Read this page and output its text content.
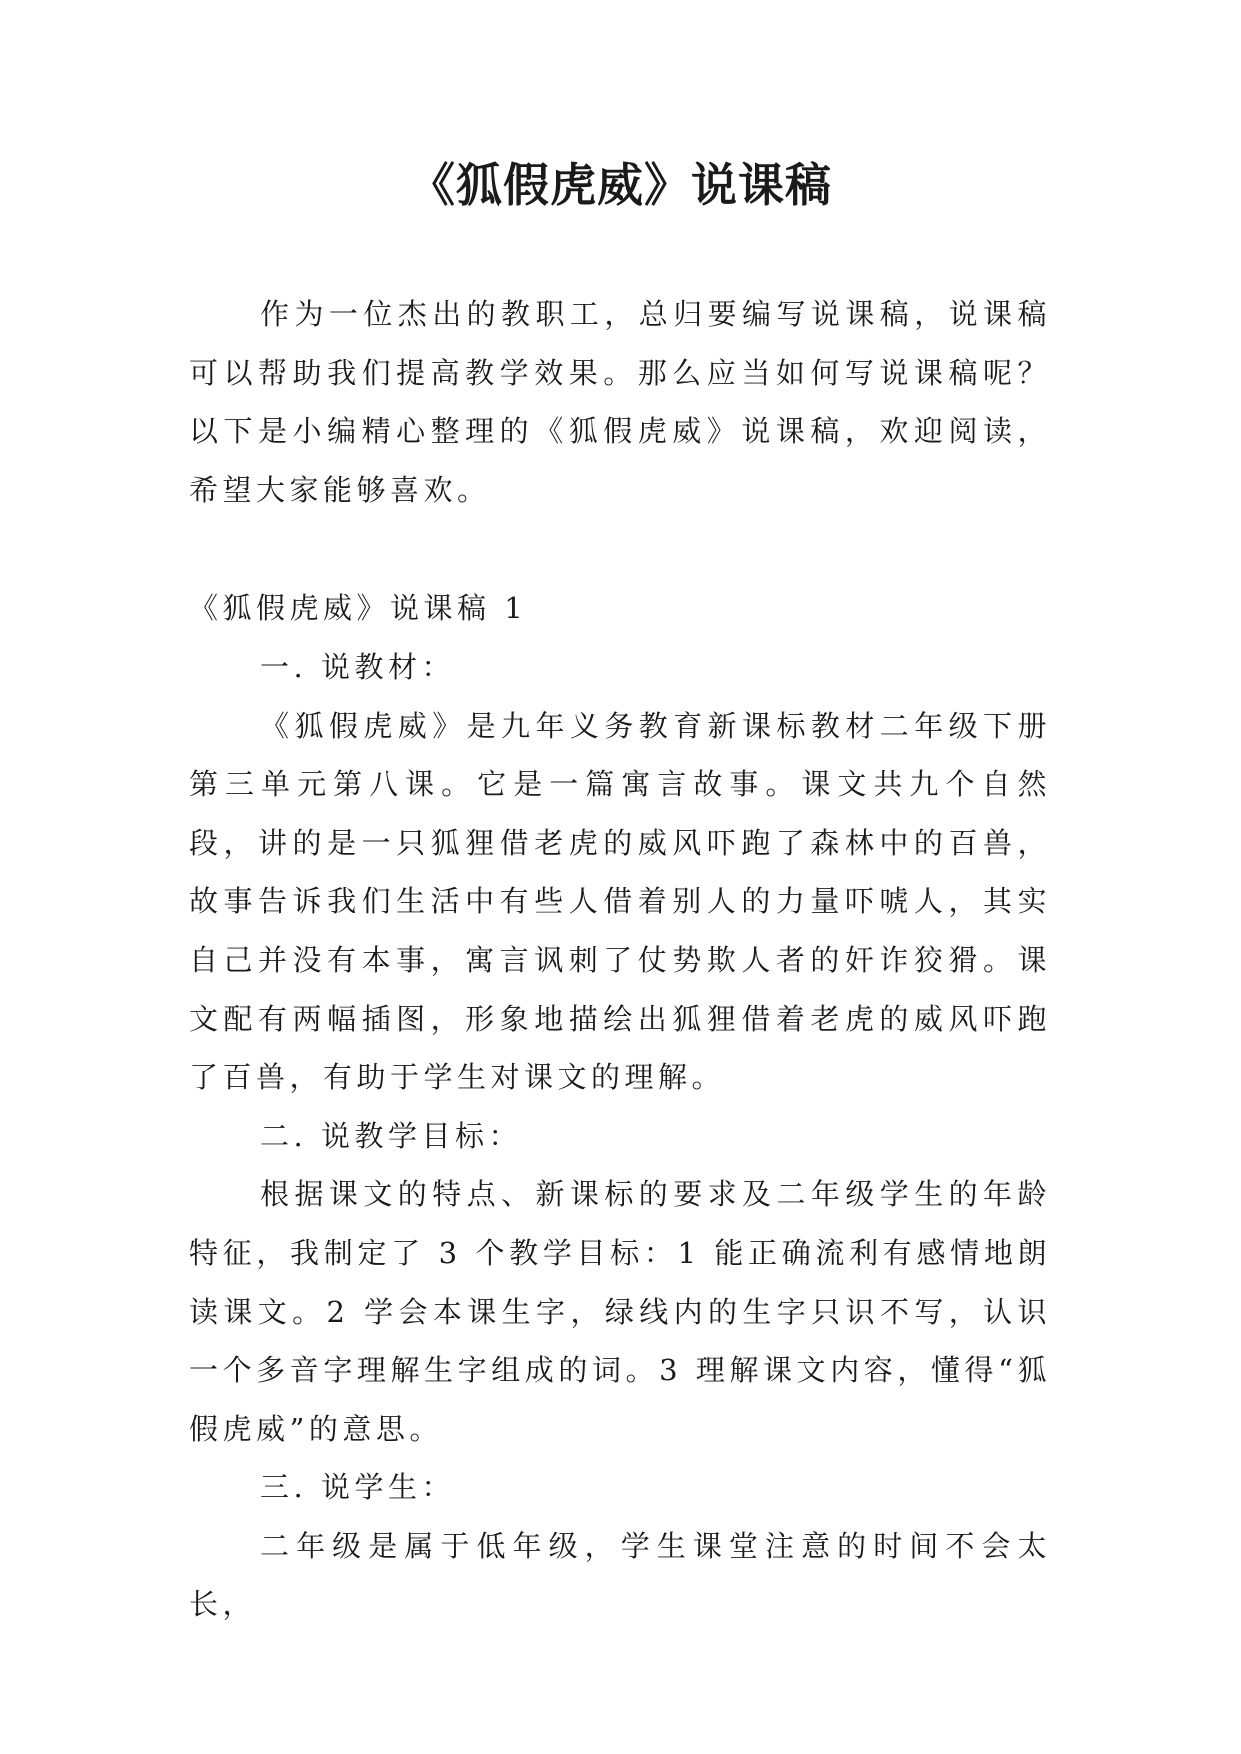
《狐假虎威》说课稿

作为一位杰出的教职工，总归要编写说课稿，说课稿可以帮助我们提高教学效果。那么应当如何写说课稿呢？以下是小编精心整理的《狐假虎威》说课稿，欢迎阅读，希望大家能够喜欢。

《狐假虎威》说课稿 1

一. 说教材：

《狐假虎威》是九年义务教育新课标教材二年级下册第三单元第八课。它是一篇寓言故事。课文共九个自然段，讲的是一只狐狸借老虎的威风吓跑了森林中的百兽，故事告诉我们生活中有些人借着别人的力量吓唬人，其实自己并没有本事，寓言讽刺了仗势欺人者的奸诈狡猾。课文配有两幅插图，形象地描绘出狐狸借着老虎的威风吓跑了百兽，有助于学生对课文的理解。

二. 说教学目标：

根据课文的特点、新课标的要求及二年级学生的年龄特征，我制定了 3 个教学目标：1 能正确流利有感情地朗读课文。2 学会本课生字，绿线内的生字只识不写，认识一个多音字理解生字组成的词。3 理解课文内容，懂得“狐假虎威”的意思。

三. 说学生：

二年级是属于低年级，学生课堂注意的时间不会太长，
